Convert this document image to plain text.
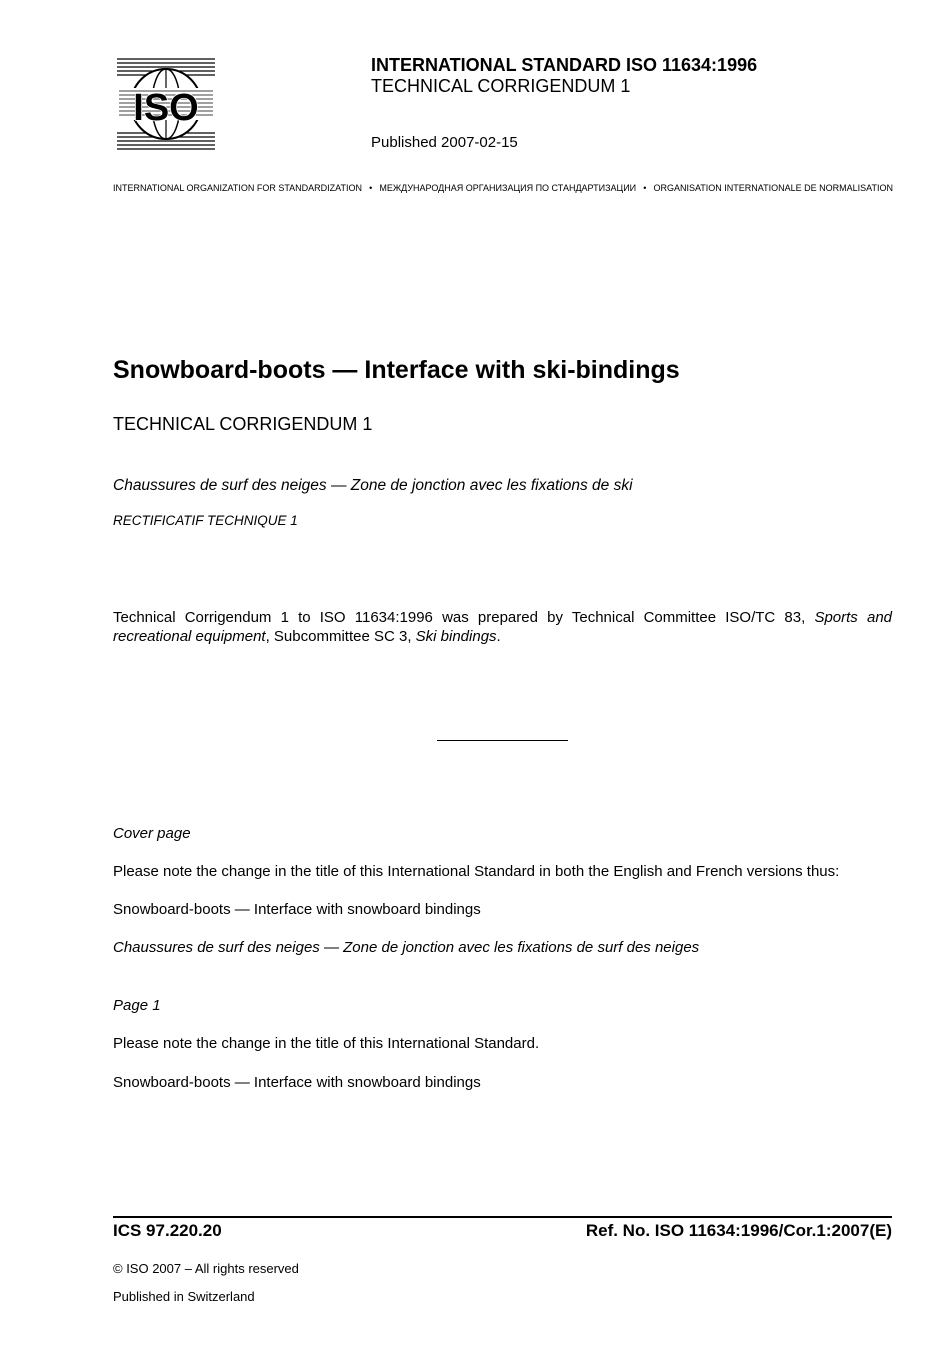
ISO
INTERNATIONAL STANDARD ISO 11634:1996
TECHNICAL CORRIGENDUM 1
Published 2007-02-15
INTERNATIONAL ORGANIZATION FOR STANDARDIZATION • МЕЖДУНАРОДНАЯ ОРГАНИЗАЦИЯ ПО СТАНДАРТИЗАЦИИ • ORGANISATION INTERNATIONALE DE NORMALISATION
Snowboard-boots — Interface with ski-bindings
TECHNICAL CORRIGENDUM 1
Chaussures de surf des neiges — Zone de jonction avec les fixations de ski
RECTIFICATIF TECHNIQUE 1
Technical Corrigendum 1 to ISO 11634:1996 was prepared by Technical Committee ISO/TC 83, Sports and recreational equipment, Subcommittee SC 3, Ski bindings.
Cover page
Please note the change in the title of this International Standard in both the English and French versions thus:
Snowboard-boots — Interface with snowboard bindings
Chaussures de surf des neiges — Zone de jonction avec les fixations de surf des neiges
Page 1
Please note the change in the title of this International Standard.
Snowboard-boots — Interface with snowboard bindings
ICS 97.220.20	Ref. No. ISO 11634:1996/Cor.1:2007(E)
© ISO 2007 – All rights reserved
Published in Switzerland
